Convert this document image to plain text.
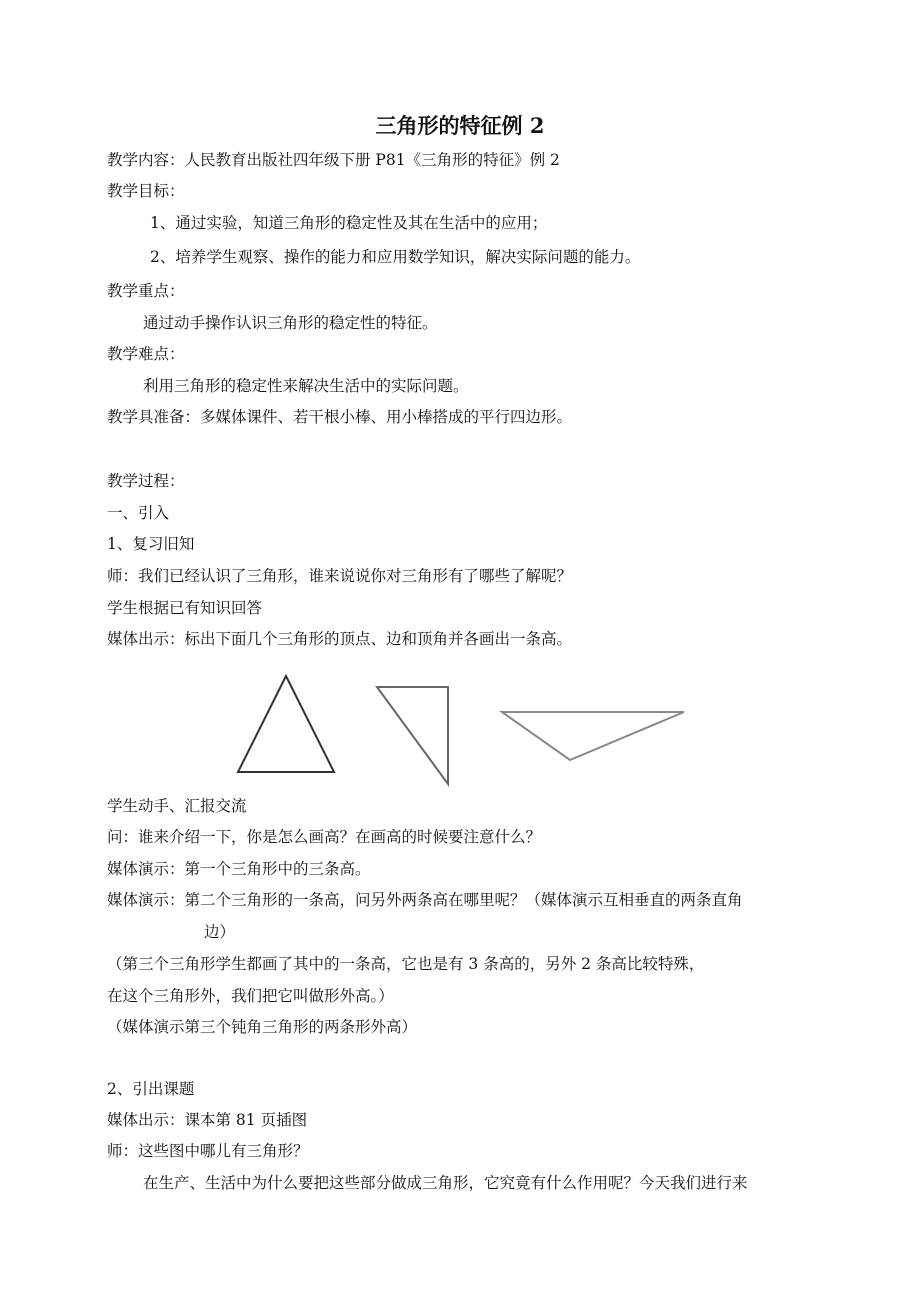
三角形的特征例 2

教学内容：人民教育出版社四年级下册 P81《三角形的特征》例 2

教学目标：

1、通过实验，知道三角形的稳定性及其在生活中的应用；

2、培养学生观察、操作的能力和应用数学知识，解决实际问题的能力。

教学重点：

通过动手操作认识三角形的稳定性的特征。

教学难点：

利用三角形的稳定性来解决生活中的实际问题。

教学具准备：多媒体课件、若干根小棒、用小棒搭成的平行四边形。

教学过程：

一、引入

1、复习旧知

师：我们已经认识了三角形，谁来说说你对三角形有了哪些了解呢？

学生根据已有知识回答

媒体出示：标出下面几个三角形的顶点、边和顶角并各画出一条高。

学生动手、汇报交流

问：谁来介绍一下，你是怎么画高？在画高的时候要注意什么？

媒体演示：第一个三角形中的三条高。

媒体演示：第二个三角形的一条高，问另外两条高在哪里呢？（媒体演示互相垂直的两条直角

边）

（第三个三角形学生都画了其中的一条高，它也是有 3 条高的，另外 2 条高比较特殊，

在这个三角形外，我们把它叫做形外高。）

（媒体演示第三个钝角三角形的两条形外高）

2、引出课题

媒体出示：课本第 81 页插图

师：这些图中哪儿有三角形？

在生产、生活中为什么要把这些部分做成三角形，它究竟有什么作用呢？今天我们进行来
